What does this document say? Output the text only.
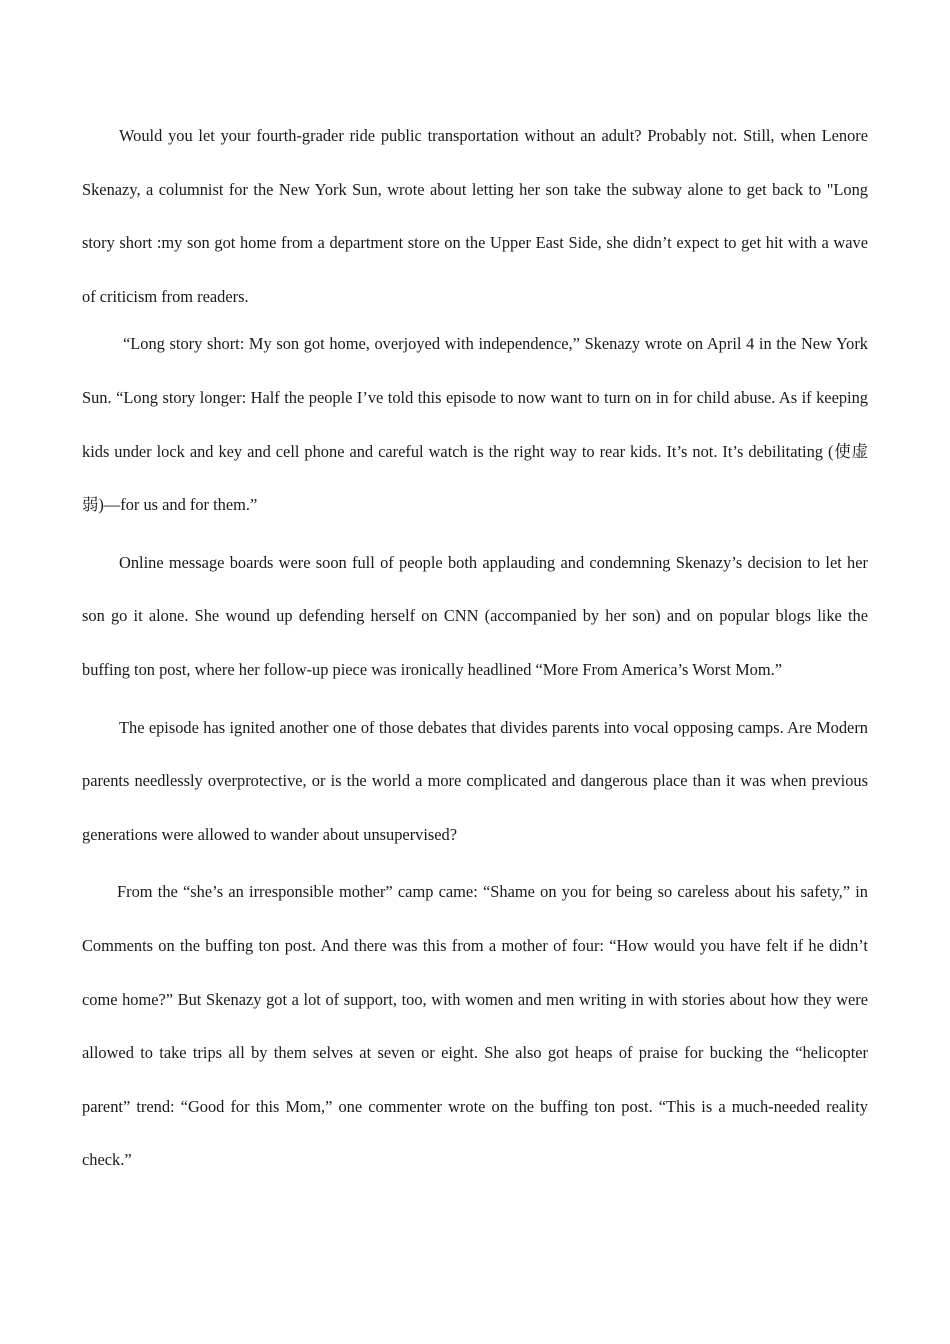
Would you let your fourth-grader ride public transportation without an adult? Probably not. Still, when Lenore Skenazy, a columnist for the New York Sun, wrote about letting her son take the subway alone to get back to "Long story short :my son got home from a department store on the Upper East Side, she didn’t expect to get hit with a wave of criticism from readers.

“Long story short: My son got home, overjoyed with independence,” Skenazy wrote on April 4 in the New York Sun. “Long story longer: Half the people I’ve told this episode to now want to turn on in for child abuse. As if keeping kids under lock and key and cell phone and careful watch is the right way to rear kids. It’s not. It’s debilitating (使虚弱)—for us and for them.”

Online message boards were soon full of people both applauding and condemning Skenazy’s decision to let her son go it alone. She wound up defending herself on CNN (accompanied by her son) and on popular blogs like the buffing ton post, where her follow-up piece was ironically headlined “More From America’s Worst Mom.”

The episode has ignited another one of those debates that divides parents into vocal opposing camps. Are Modern parents needlessly overprotective, or is the world a more complicated and dangerous place than it was when previous generations were allowed to wander about unsupervised?

From the “she’s an irresponsible mother” camp came: “Shame on you for being so careless about his safety,” in Comments on the buffing ton post. And there was this from a mother of four: “How would you have felt if he didn’t come home?” But Skenazy got a lot of support, too, with women and men writing in with stories about how they were allowed to take trips all by them selves at seven or eight. She also got heaps of praise for bucking the “helicopter parent” trend: “Good for this Mom,” one commenter wrote on the buffing ton post. “This is a much-needed reality check.”
